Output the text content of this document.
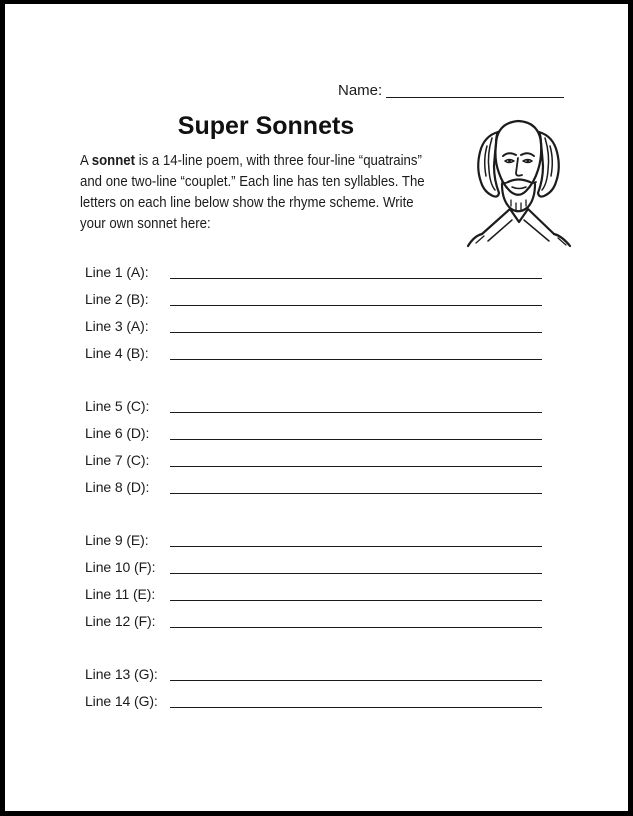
Name:
Super Sonnets
A sonnet is a 14-line poem, with three four-line “quatrains”
and one two-line “couplet.” Each line has ten syllables. The
letters on each line below show the rhyme scheme. Write
your own sonnet here:
Line 1 (A):
Line 2 (B):
Line 3 (A):
Line 4 (B):
Line 5 (C):
Line 6 (D):
Line 7 (C):
Line 8 (D):
Line 9 (E):
Line 10 (F):
Line 11 (E):
Line 12 (F):
Line 13 (G):
Line 14 (G):
